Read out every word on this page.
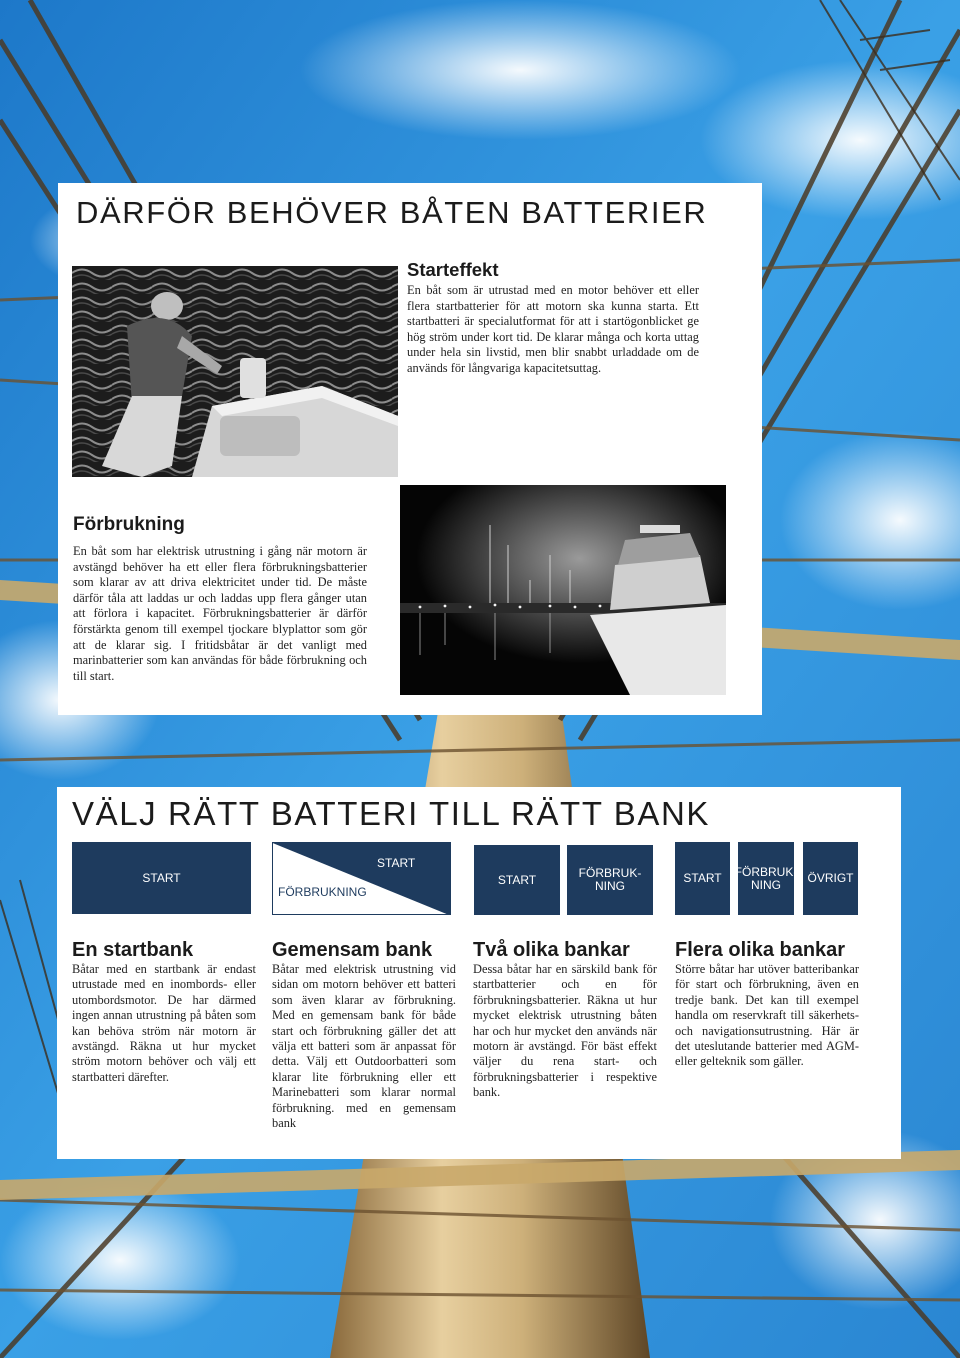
DÄRFÖR BEHÖVER BÅTEN BATTERIER
Starteffekt

En båt som är utrustad med en motor behöver ett eller flera startbatterier för att motorn ska kunna starta. Ett startbatteri är specialutformat för att i startögonblicket ge hög ström under kort tid. De klarar många och korta uttag under hela sin livstid, men blir snabbt urladdade om de används för långvariga kapacitetsuttag.

Förbrukning

En båt som har elektrisk utrustning i gång när motorn är avstängd behöver ha ett eller flera förbrukningsbatterier som klarar av att driva elektricitet under tid. De måste därför tåla att laddas ur och laddas upp flera gånger utan att förlora i kapacitet. Förbrukningsbatterier är därför förstärkta genom till exempel tjockare blyplattor som gör att de klarar sig. I fritidsbåtar är det vanligt med marinbatterier som kan användas för både förbrukning och till start.

VÄLJ RÄTT BATTERI TILL RÄTT BANK
START
START
FÖRBRUKNING
START	FÖRBRUK-
NING
START	FÖRBRUK-
NING	ÖVRIGT
En startbank

Båtar med en startbank är endast utrustade med en inombords- eller utombordsmotor. De har därmed ingen annan utrustning på båten som kan behöva ström när motorn är avstängd. Räkna ut hur mycket ström motorn behöver och välj ett startbatteri därefter.

Gemensam bank

Båtar med elektrisk utrustning vid sidan om motorn behöver ett batteri som även klarar av förbrukning. Med en gemensam bank för både start och förbrukning gäller det att välja ett batteri som är anpassat för detta. Välj ett Outdoorbatteri som klarar lite förbrukning eller ett Marinebatteri som klarar normal förbrukning. med en gemensam bank

Två olika bankar

Dessa båtar har en särskild bank för startbatterier och en för förbrukningsbatterier. Räkna ut hur mycket elektrisk utrustning båten har och hur mycket den används när motorn är avstängd. För bäst effekt väljer du rena start- och förbrukningsbatterier i respektive bank.

Flera olika bankar

Större båtar har utöver batteribankar för start och förbrukning, även en tredje bank. Det kan till exempel handla om reservkraft till säkerhets- och navigationsutrustning. Här är det uteslutande batterier med AGM- eller gelteknik som gäller.
